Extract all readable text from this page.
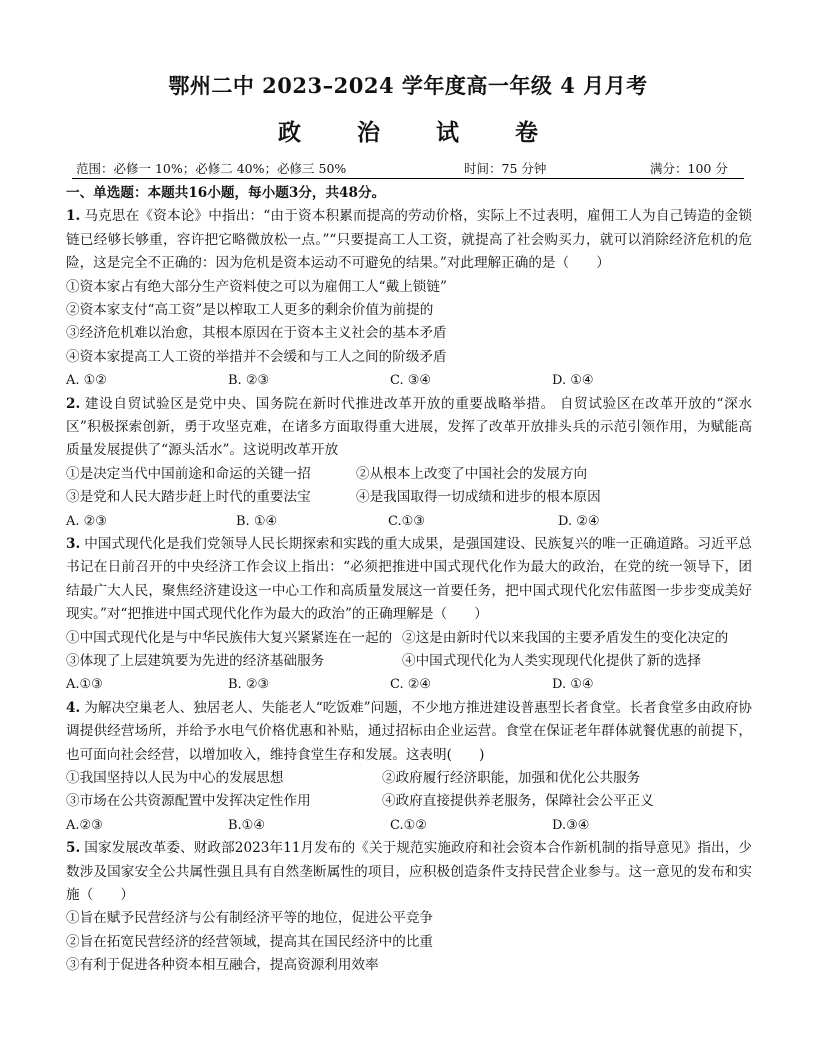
鄂州二中 2023–2024 学年度高一年级 4 月月考
政 治 试 卷
范围：必修一 10%；必修二 40%；必修三 50%	时间：75 分钟	满分：100 分
一、单选题：本题共16小题，每小题3分，共48分。
1. 马克思在《资本论》中指出：“由于资本积累而提高的劳动价格，实际上不过表明，雇佣工人为自己铸造的金锁链已经够长够重，容许把它略微放松一点。”“只要提高工人工资，就提高了社会购买力，就可以消除经济危机的危险，这是完全不正确的：因为危机是资本运动不可避免的结果。”对此理解正确的是（　　）
①资本家占有绝大部分生产资料使之可以为雇佣工人“戴上锁链”
②资本家支付“高工资”是以榨取工人更多的剩余价值为前提的
③经济危机难以治愈，其根本原因在于资本主义社会的基本矛盾
④资本家提高工人工资的举措并不会缓和与工人之间的阶级矛盾
A. ①②	B. ②③	C. ③④	D. ①④
2. 建设自贸试验区是党中央、国务院在新时代推进改革开放的重要战略举措。 自贸试验区在改革开放的“深水区”积极探索创新，勇于攻坚克难，在诸多方面取得重大进展，发挥了改革开放排头兵的示范引领作用，为赋能高质量发展提供了“源头活水”。这说明改革开放
①是决定当代中国前途和命运的关键一招	②从根本上改变了中国社会的发展方向
③是党和人民大踏步赶上时代的重要法宝	④是我国取得一切成绩和进步的根本原因
A. ②③	B. ①④	C.①③	D. ②④
3. 中国式现代化是我们党领导人民长期探索和实践的重大成果，是强国建设、民族复兴的唯一正确道路。习近平总书记在日前召开的中央经济工作会议上指出：“必须把推进中国式现代化作为最大的政治，在党的统一领导下，团结最广大人民，聚焦经济建设这一中心工作和高质量发展这一首要任务，把中国式现代化宏伟蓝图一步步变成美好现实。”对“把推进中国式现代化作为最大的政治”的正确理解是（　　）
①中国式现代化是与中华民族伟大复兴紧紧连在一起的 ②这是由新时代以来我国的主要矛盾发生的变化决定的
③体现了上层建筑要为先进的经济基础服务	④中国式现代化为人类实现现代化提供了新的选择
A.①③	B. ②③	C. ②④	D. ①④
4. 为解决空巢老人、独居老人、失能老人“吃饭难”问题，不少地方推进建设普惠型长者食堂。长者食堂多由政府协调提供经营场所，并给予水电气价格优惠和补贴，通过招标由企业运营。食堂在保证老年群体就餐优惠的前提下，也可面向社会经营，以增加收入，维持食堂生存和发展。这表明(　　)
①我国坚持以人民为中心的发展思想	②政府履行经济职能，加强和优化公共服务
③市场在公共资源配置中发挥决定性作用	④政府直接提供养老服务，保障社会公平正义
A.②③	B.①④	C.①②	D.③④
5. 国家发展改革委、财政部2023年11月发布的《关于规范实施政府和社会资本合作新机制的指导意见》指出，少数涉及国家安全公共属性强且具有自然垄断属性的项目，应积极创造条件支持民营企业参与。这一意见的发布和实施（　　）
①旨在赋予民营经济与公有制经济平等的地位，促进公平竞争
②旨在拓宽民营经济的经营领域，提高其在国民经济中的比重
③有利于促进各种资本相互融合，提高资源利用效率
